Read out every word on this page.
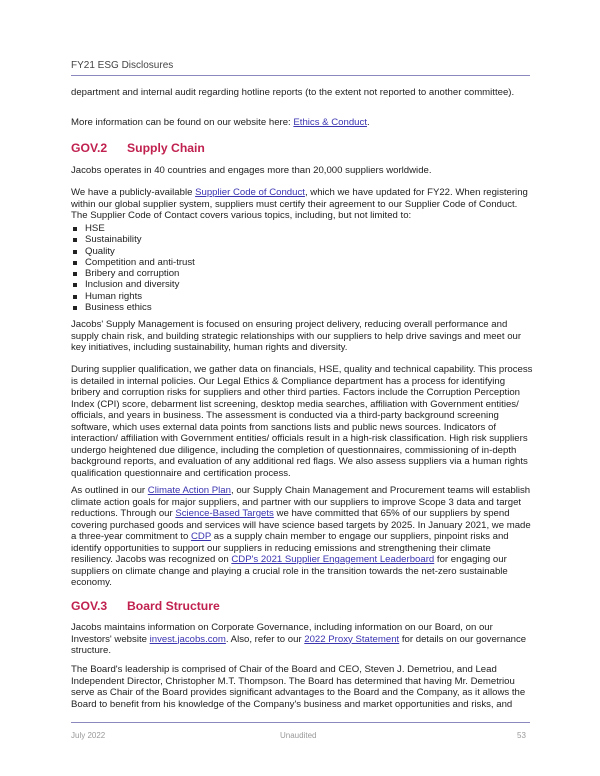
FY21 ESG Disclosures

department and internal audit regarding hotline reports (to the extent not reported to another committee).

More information can be found on our website here: Ethics & Conduct.

GOV.2 Supply Chain

Jacobs operates in 40 countries and engages more than 20,000 suppliers worldwide.

We have a publicly-available Supplier Code of Conduct, which we have updated for FY22. When registering within our global supplier system, suppliers must certify their agreement to our Supplier Code of Conduct. The Supplier Code of Contact covers various topics, including, but not limited to:

HSE
Sustainability
Quality
Competition and anti-trust
Bribery and corruption
Inclusion and diversity
Human rights
Business ethics

Jacobs' Supply Management is focused on ensuring project delivery, reducing overall performance and supply chain risk, and building strategic relationships with our suppliers to help drive savings and meet our key initiatives, including sustainability, human rights and diversity.

During supplier qualification, we gather data on financials, HSE, quality and technical capability. This process is detailed in internal policies. Our Legal Ethics & Compliance department has a process for identifying bribery and corruption risks for suppliers and other third parties. Factors include the Corruption Perception Index (CPI) score, debarment list screening, desktop media searches, affiliation with Government entities/ officials, and years in business. The assessment is conducted via a third-party background screening software, which uses external data points from sanctions lists and public news sources. Indicators of interaction/ affiliation with Government entities/ officials result in a high-risk classification. High risk suppliers undergo heightened due diligence, including the completion of questionnaires, commissioning of in-depth background reports, and evaluation of any additional red flags. We also assess suppliers via a human rights qualification questionnaire and certification process.

As outlined in our Climate Action Plan, our Supply Chain Management and Procurement teams will establish climate action goals for major suppliers, and partner with our suppliers to improve Scope 3 data and target reductions. Through our Science-Based Targets we have committed that 65% of our suppliers by spend covering purchased goods and services will have science based targets by 2025. In January 2021, we made a three-year commitment to CDP as a supply chain member to engage our suppliers, pinpoint risks and identify opportunities to support our suppliers in reducing emissions and strengthening their climate resiliency. Jacobs was recognized on CDP's 2021 Supplier Engagement Leaderboard for engaging our suppliers on climate change and playing a crucial role in the transition towards the net-zero sustainable economy.

GOV.3 Board Structure

Jacobs maintains information on Corporate Governance, including information on our Board, on our Investors' website invest.jacobs.com. Also, refer to our 2022 Proxy Statement for details on our governance structure.

The Board's leadership is comprised of Chair of the Board and CEO, Steven J. Demetriou, and Lead Independent Director, Christopher M.T. Thompson. The Board has determined that having Mr. Demetriou serve as Chair of the Board provides significant advantages to the Board and the Company, as it allows the Board to benefit from his knowledge of the Company's business and market opportunities and risks, and

July 2022	Unaudited	53
